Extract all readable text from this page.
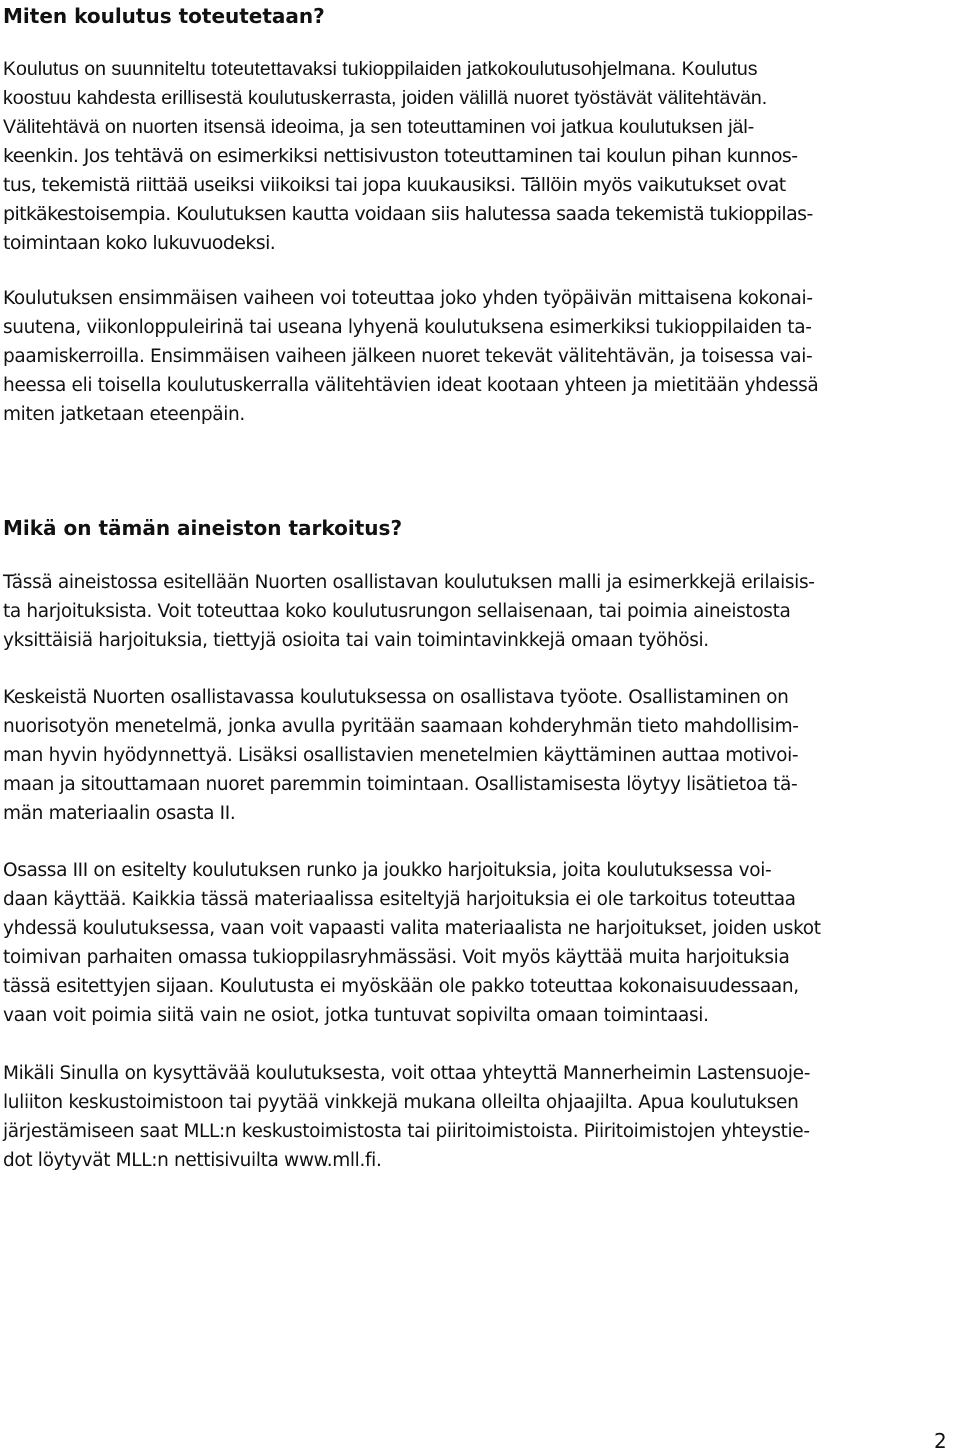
Miten koulutus toteutetaan?
Koulutus on suunniteltu toteutettavaksi tukioppilaiden jatkokoulutusohjelmana. Koulutus
koostuu kahdesta erillisestä koulutuskerrasta, joiden välillä nuoret työstävät välitehtävän.
Välitehtävä on nuorten itsensä ideoima, ja sen toteuttaminen voi jatkua koulutuksen jäl-
keenkin. Jos tehtävä on esimerkiksi nettisivuston toteuttaminen tai koulun pihan kunnos-
tus, tekemistä riittää useiksi viikoiksi tai jopa kuukausiksi. Tällöin myös vaikutukset ovat
pitkäkestoisempia. Koulutuksen kautta voidaan siis halutessa saada tekemistä tukioppilas-
toimintaan koko lukuvuodeksi.
Koulutuksen ensimmäisen vaiheen voi toteuttaa joko yhden työpäivän mittaisena kokonai-
suutena, viikonloppuleirinä tai useana lyhyenä koulutuksena esimerkiksi tukioppilaiden ta-
paamiskerroilla. Ensimmäisen vaiheen jälkeen nuoret tekevät välitehtävän, ja toisessa vai-
heessa eli toisella koulutuskerralla välitehtävien ideat kootaan yhteen ja mietitään yhdessä
miten jatketaan eteenpäin.
Mikä on tämän aineiston tarkoitus?
Tässä aineistossa esitellään Nuorten osallistavan koulutuksen malli ja esimerkkejä erilaisis-
ta harjoituksista. Voit toteuttaa koko koulutusrungon sellaisenaan, tai poimia aineistosta
yksittäisiä harjoituksia, tiettyjä osioita tai vain toimintavinkkejä omaan työhösi.
Keskeistä Nuorten osallistavassa koulutuksessa on osallistava työote. Osallistaminen on
nuorisotyön menetelmä, jonka avulla pyritään saamaan kohderyhmän tieto mahdollisim-
man hyvin hyödynnettyä. Lisäksi osallistavien menetelmien käyttäminen auttaa motivoi-
maan ja sitouttamaan nuoret paremmin toimintaan. Osallistamisesta löytyy lisätietoa tä-
män materiaalin osasta II.
Osassa III on esitelty koulutuksen runko ja joukko harjoituksia, joita koulutuksessa voi-
daan käyttää. Kaikkia tässä materiaalissa esiteltyjä harjoituksia ei ole tarkoitus toteuttaa
yhdessä koulutuksessa, vaan voit vapaasti valita materiaalista ne harjoitukset, joiden uskot
toimivan parhaiten omassa tukioppilasryhmässäsi. Voit myös käyttää muita harjoituksia
tässä esitettyjen sijaan. Koulutusta ei myöskään ole pakko toteuttaa kokonaisuudessaan,
vaan voit poimia siitä vain ne osiot, jotka tuntuvat sopivilta omaan toimintaasi.
Mikäli Sinulla on kysyttävää koulutuksesta, voit ottaa yhteyttä Mannerheimin Lastensuoje-
luliiton keskustoimistoon tai pyytää vinkkejä mukana olleilta ohjaajilta. Apua koulutuksen
järjestämiseen saat MLL:n keskustoimistosta tai piiritoimistoista. Piiritoimistojen yhteystie-
dot löytyvät MLL:n nettisivuilta www.mll.fi.
2
